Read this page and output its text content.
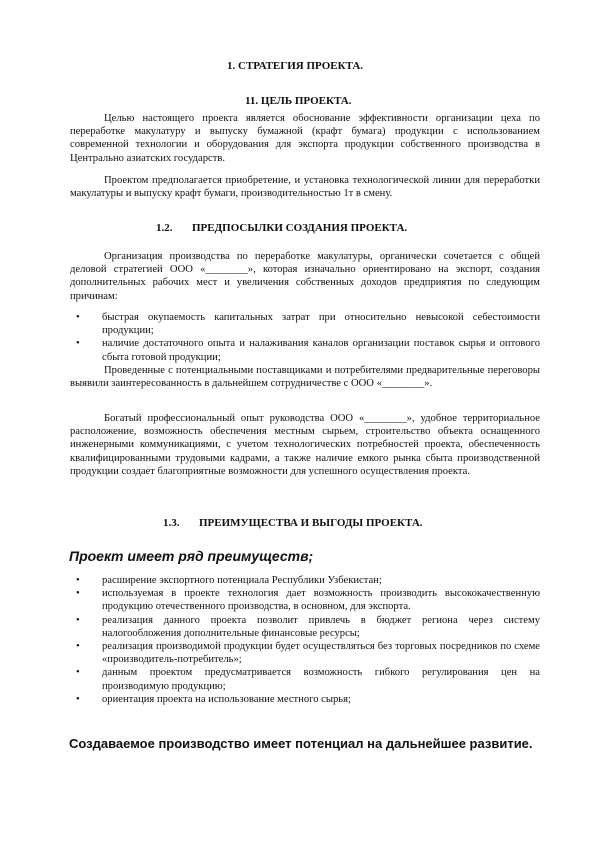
1. СТРАТЕГИЯ ПРОЕКТА.
11. ЦЕЛЬ ПРОЕКТА.
Целью настоящего проекта является обоснование эффективности организации цеха по переработке макулатуру и выпуску бумажной (крафт бумага) продукции с использованием современной технологии и оборудования для экспорта продукции собственного производства в Центрально азиатских государств.
Проектом предполагается приобретение, и установка технологической линии для переработки макулатуры и выпуску крафт бумаги, производительностью 1т в смену.
1.2. ПРЕДПОСЫЛКИ СОЗДАНИЯ ПРОЕКТА.
Организация производства по переработке макулатуры, органически сочетается с общей деловой стратегией ООО «________», которая изначально ориентировано на экспорт, создания дополнительных рабочих мест и увеличения собственных доходов предприятия по следующим причинам:
• быстрая окупаемость капитальных затрат при относительно невысокой себестоимости продукции;
• наличие достаточного опыта и налаживания каналов организации поставок сырья и оптового сбыта готовой продукции;
Проведенные с потенциальными поставщиками и потребителями предварительные переговоры выявили заинтересованность в дальнейшем сотрудничестве с ООО «________».
Богатый профессиональный опыт руководства ООО «________», удобное территориальное расположение, возможность обеспечения местным сырьем, строительство объекта оснащенного инженерными коммуникациями, с учетом технологических потребностей проекта, обеспеченность квалифицированными трудовыми кадрами, а также наличие емкого рынка сбыта производственной продукции создает благоприятные возможности для успешного осуществления проекта.
1.3. ПРЕИМУЩЕСТВА И ВЫГОДЫ ПРОЕКТА.
Проект имеет ряд преимуществ;
• расширение экспортного потенциала Республики Узбекистан;
• используемая в проекте технология дает возможность производить высококачественную продукцию отечественного производства, в основном, для экспорта.
• реализация данного проекта позволит привлечь в бюджет региона через систему налогообложения дополнительные финансовые ресурсы;
• реализация производимой продукции будет осуществляться без торговых посредников по схеме «производитель-потребитель»;
• данным проектом предусматривается возможность гибкого регулирования цен на производимую продукцию;
• ориентация проекта на использование местного сырья;
Создаваемое производство имеет потенциал на дальнейшее развитие.
